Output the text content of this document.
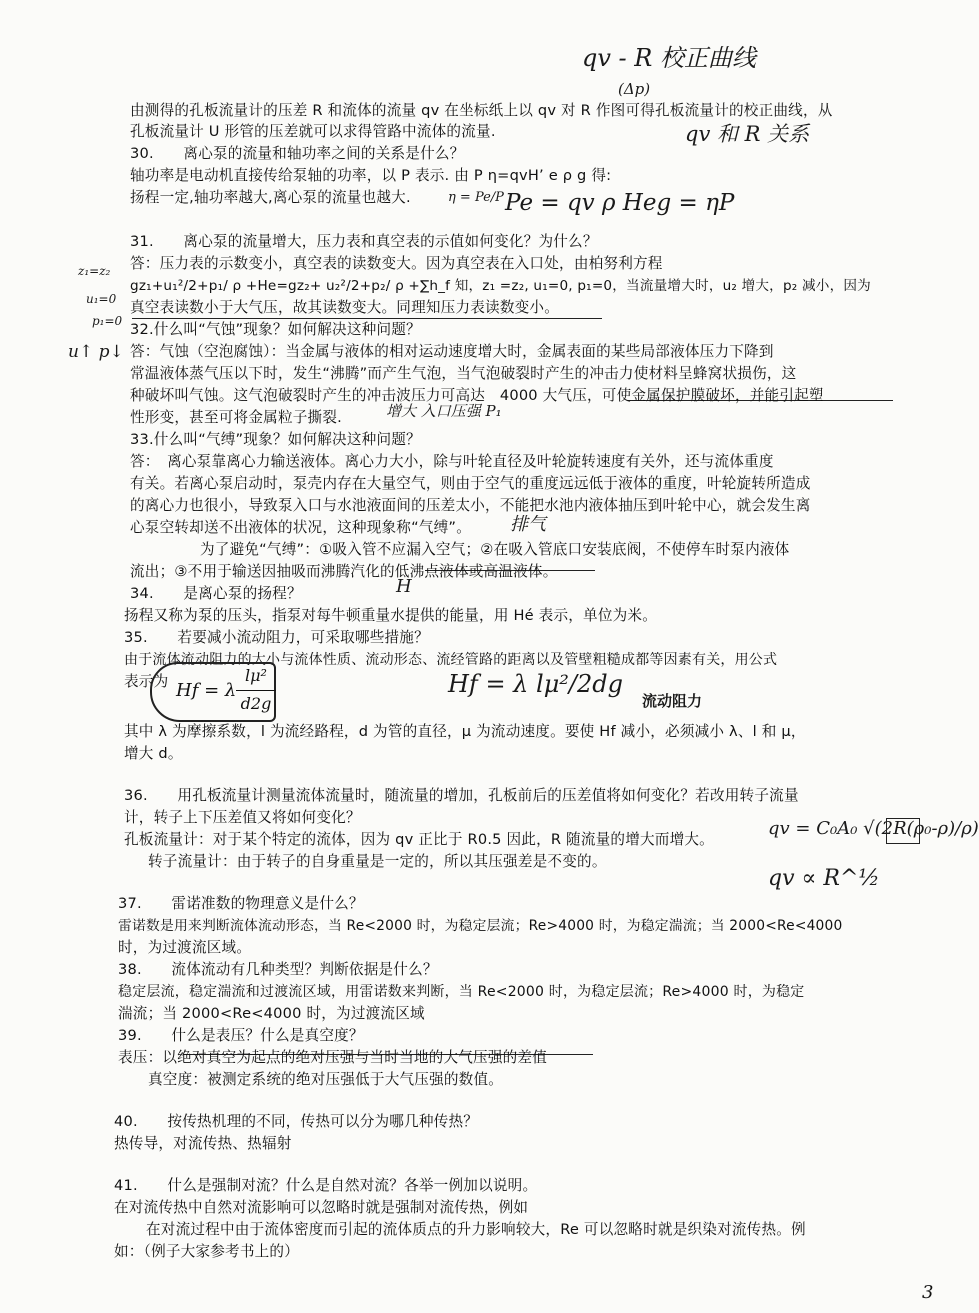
qv - R 校正曲线
(Δp)
qv 和 R 关系
Pe = qv ρ Heg = ηP
η = Pe/P
z₁=z₂
u₁=0
p₁=0
u↑ p↓
增大 入口压强 P₁
排气
H
Hf = λ lμ²/2dg
流动阻力
qv = C₀A₀ √(2R(ρ₀-ρ)/ρ)
qv ∝ R^½
3
由测得的孔板流量计的压差 R 和流体的流量 qv 在坐标纸上以 qv 对 R 作图可得孔板流量计的校正曲线，从
孔板流量计 U 形管的压差就可以求得管路中流体的流量.
30.　　离心泵的流量和轴功率之间的关系是什么？
轴功率是电动机直接传给泵轴的功率，以 P 表示. 由 P η=qvH’ e ρ g 得:
扬程一定,轴功率越大,离心泵的流量也越大.
31.　　离心泵的流量增大，压力表和真空表的示值如何变化？为什么？
答：压力表的示数变小，真空表的读数变大。因为真空表在入口处，由柏努利方程
gz₁+u₁²/2+p₁/ ρ +He=gz₂+ u₂²/2+p₂/ ρ +∑h_f 知，z₁ =z₂, u₁=0, p₁=0，当流量增大时，u₂ 增大，p₂ 减小，因为
真空表读数小于大气压，故其读数变大。同理知压力表读数变小。
32.什么叫“气蚀”现象？如何解决这种问题？
答：气蚀（空泡腐蚀）：当金属与液体的相对运动速度增大时，金属表面的某些局部液体压力下降到
常温液体蒸气压以下时，发生“沸腾”而产生气泡，当气泡破裂时产生的冲击力使材料呈蜂窝状损伤，这
种破坏叫气蚀。这气泡破裂时产生的冲击波压力可高达　4000 大气压，可使金属保护膜破坏，并能引起塑
性形变，甚至可将金属粒子撕裂.
33.什么叫“气缚”现象？如何解决这种问题？
答：　离心泵靠离心力输送液体。离心力大小，除与叶轮直径及叶轮旋转速度有关外，还与流体重度
有关。若离心泵启动时，泵壳内存在大量空气，则由于空气的重度远远低于液体的重度，叶轮旋转所造成
的离心力也很小，导致泵入口与水池液面间的压差太小，不能把水池内液体抽压到叶轮中心，就会发生离
心泵空转却送不出液体的状况，这种现象称“气缚”。
为了避免“气缚”：①吸入管不应漏入空气；②在吸入管底口安装底阀，不使停车时泵内液体
流出；③不用于输送因抽吸而沸腾汽化的低沸点液体或高温液体。
34.　　是离心泵的扬程？
扬程又称为泵的压头，指泵对每牛顿重量水提供的能量，用 Hé 表示，单位为米。
35.　　若要减小流动阻力，可采取哪些措施？
由于流体流动阻力的大小与流体性质、流动形态、流经管路的距离以及管壁粗糙成都等因素有关，用公式
表示为 Hf = λ
lμ²
d2g
其中 λ 为摩擦系数，l 为流经路程，d 为管的直径，μ 为流动速度。要使 Hf 减小，必须减小 λ、l 和 μ，
增大 d。
36.　　用孔板流量计测量流体流量时，随流量的增加，孔板前后的压差值将如何变化？若改用转子流量
计，转子上下压差值又将如何变化？
孔板流量计：对于某个特定的流体，因为 qv 正比于 R0.5 因此，R 随流量的增大而增大。
转子流量计：由于转子的自身重量是一定的，所以其压强差是不变的。
37.　　雷诺准数的物理意义是什么？
雷诺数是用来判断流体流动形态，当 Re<2000 时，为稳定层流；Re>4000 时，为稳定湍流；当 2000<Re<4000
时，为过渡流区域。
38.　　流体流动有几种类型？判断依据是什么？
稳定层流，稳定湍流和过渡流区域，用雷诺数来判断，当 Re<2000 时，为稳定层流；Re>4000 时，为稳定
湍流；当 2000<Re<4000 时，为过渡流区域
39.　　什么是表压？什么是真空度？
表压：以绝对真空为起点的绝对压强与当时当地的大气压强的差值
真空度：被测定系统的绝对压强低于大气压强的数值。
40.　　按传热机理的不同，传热可以分为哪几种传热？
热传导，对流传热、热辐射
41.　　什么是强制对流？什么是自然对流？各举一例加以说明。
在对流传热中自然对流影响可以忽略时就是强制对流传热，例如
在对流过程中由于流体密度而引起的流体质点的升力影响较大，Re 可以忽略时就是织染对流传热。例
如：（例子大家参考书上的）
